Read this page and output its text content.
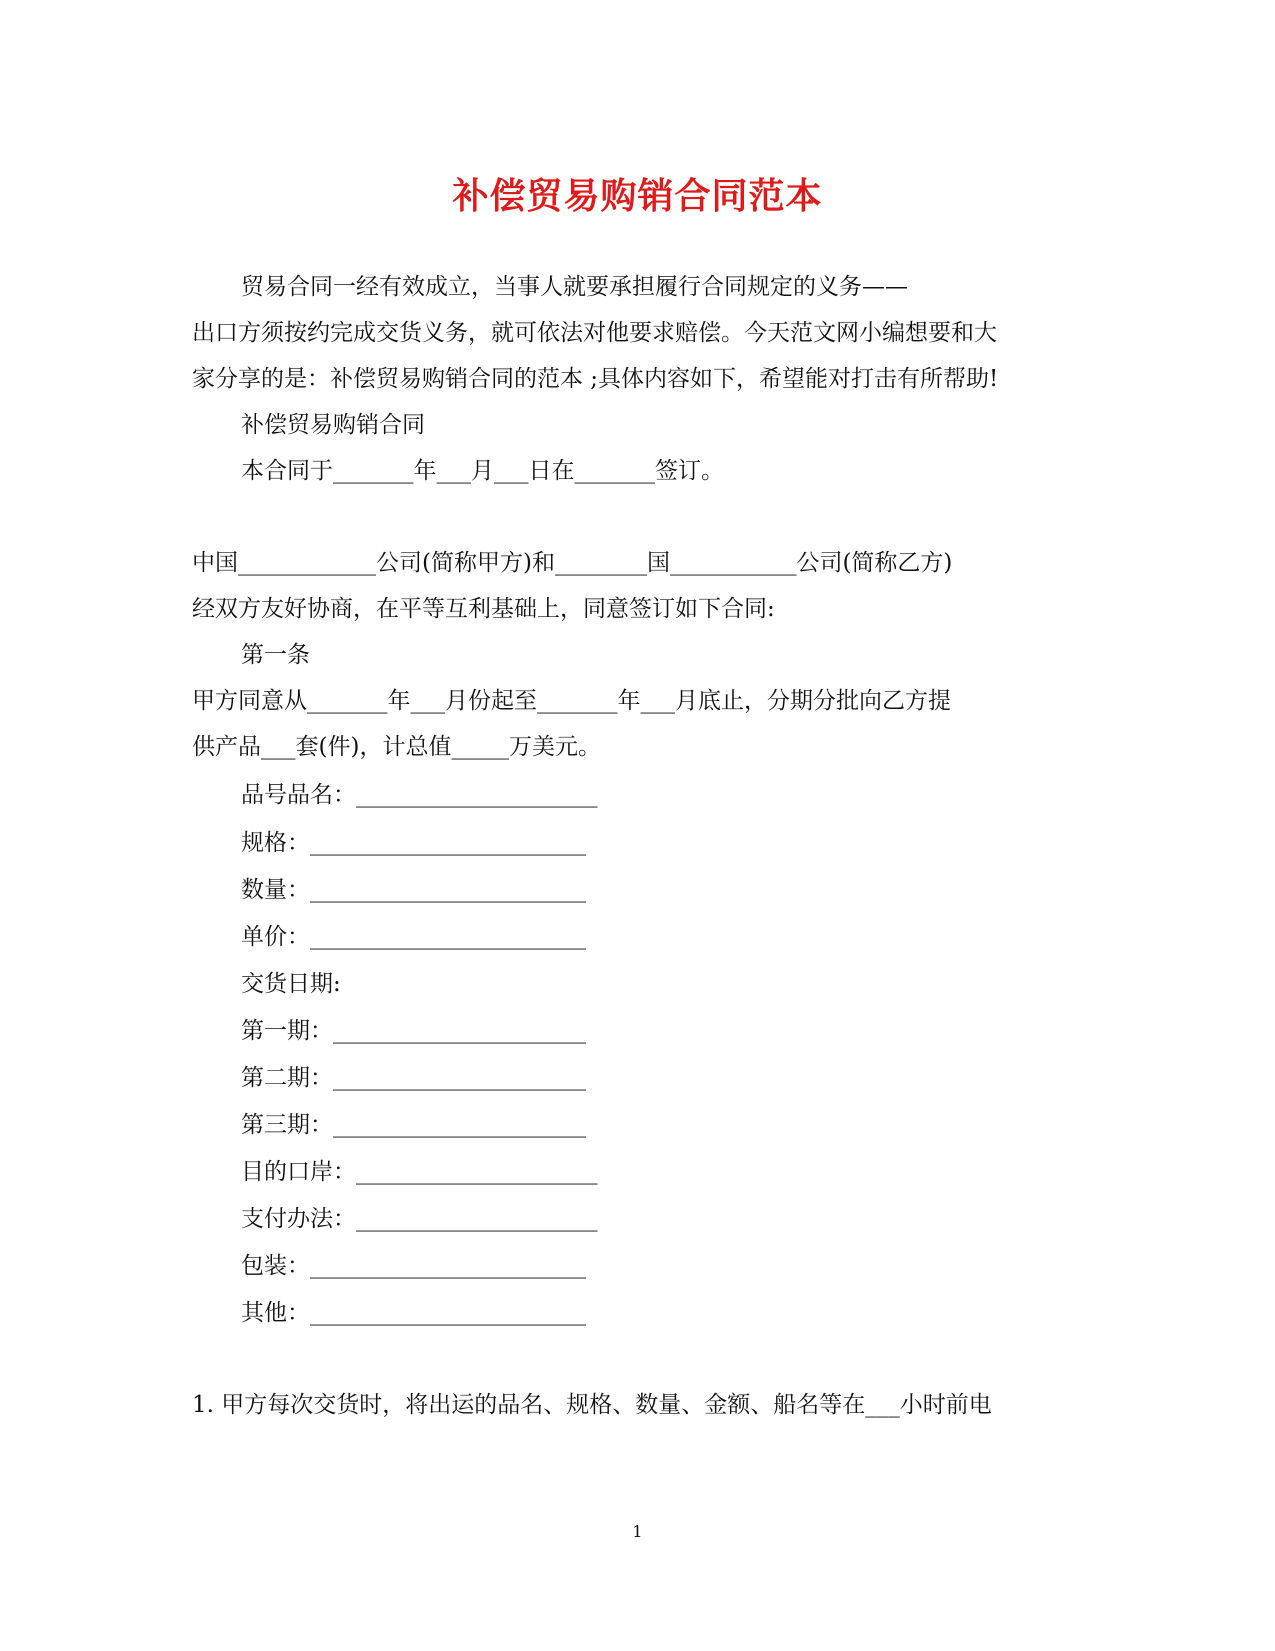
补偿贸易购销合同范本
贸易合同一经有效成立，当事人就要承担履行合同规定的义务——
出口方须按约完成交货义务，就可依法对他要求赔偿。今天范文网小编想要和大
家分享的是：补偿贸易购销合同的范本 ;具体内容如下，希望能对打击有所帮助!
补偿贸易购销合同
本合同于_______年___月___日在_______签订。
中国____________公司(简称甲方)和________国___________公司(简称乙方)
经双方友好协商，在平等互利基础上，同意签订如下合同:
第一条
甲方同意从_______年___月份起至_______年___月底止，分期分批向乙方提
供产品___套(件)，计总值_____万美元。
品号品名：_____________________
规格：________________________
数量：________________________
单价：________________________
交货日期:
第一期：______________________
第二期：______________________
第三期：______________________
目的口岸：_____________________
支付办法：_____________________
包装：________________________
其他：________________________
1. 甲方每次交货时，将出运的品名、规格、数量、金额、船名等在___小时前电
1
